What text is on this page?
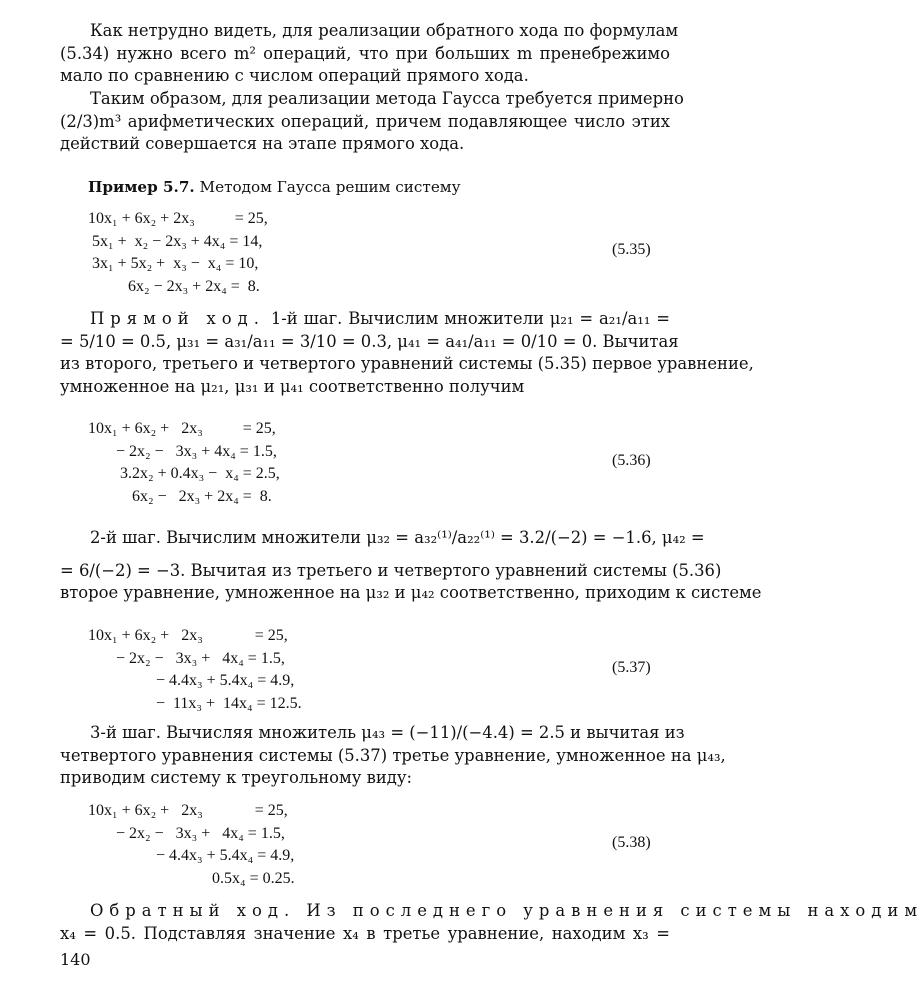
Как нетрудно видеть, для реализации обратного хода по формулам
(5.34) нужно всего m² операций, что при больших m пренебрежимо
мало по сравнению с числом операций прямого хода.
Таким образом, для реализации метода Гаусса требуется примерно
(2/3)m³ арифметических операций, причем подавляющее число этих
действий совершается на этапе прямого хода.
Пример 5.7. Методом Гаусса решим систему
10x₁ + 6x₂ + 2x₃          = 25,
5x₁ +  x₂ − 2x₃ + 4x₄ = 14,
3x₁ + 5x₂ +  x₃ −  x₄ = 10,
6x₂ − 2x₃ + 2x₄ =  8.
(5.35)
Прямой ход. 1-й шаг. Вычислим множители μ₂₁ = a₂₁/a₁₁ =
= 5/10 = 0.5, μ₃₁ = a₃₁/a₁₁ = 3/10 = 0.3, μ₄₁ = a₄₁/a₁₁ = 0/10 = 0. Вычитая
из второго, третьего и четвертого уравнений системы (5.35) первое уравнение,
умноженное на μ₂₁, μ₃₁ и μ₄₁ соответственно получим
10x₁ + 6x₂ +   2x₃          = 25,
− 2x₂ −   3x₃ + 4x₄ = 1.5,
3.2x₂ + 0.4x₃ −  x₄ = 2.5,
6x₂ −   2x₃ + 2x₄ =  8.
(5.36)
2-й шаг. Вычислим множители μ₃₂ = a₃₂⁽¹⁾/a₂₂⁽¹⁾ = 3.2/(−2) = −1.6, μ₄₂ =
= 6/(−2) = −3. Вычитая из третьего и четвертого уравнений системы (5.36)
второе уравнение, умноженное на μ₃₂ и μ₄₂ соответственно, приходим к системе
10x₁ + 6x₂ +   2x₃             = 25,
− 2x₂ −   3x₃ +   4x₄ = 1.5,
− 4.4x₃ + 5.4x₄ = 4.9,
−  11x₃ +  14x₄ = 12.5.
(5.37)
3-й шаг. Вычисляя множитель μ₄₃ = (−11)/(−4.4) = 2.5 и вычитая из
четвертого уравнения системы (5.37) третье уравнение, умноженное на μ₄₃,
приводим систему к треугольному виду:
10x₁ + 6x₂ +   2x₃             = 25,
− 2x₂ −   3x₃ +   4x₄ = 1.5,
− 4.4x₃ + 5.4x₄ = 4.9,
0.5x₄ = 0.25.
(5.38)
Обратный ход. Из последнего уравнения системы находим
x₄ = 0.5. Подставляя значение x₄ в третье уравнение, находим x₃ =
140
